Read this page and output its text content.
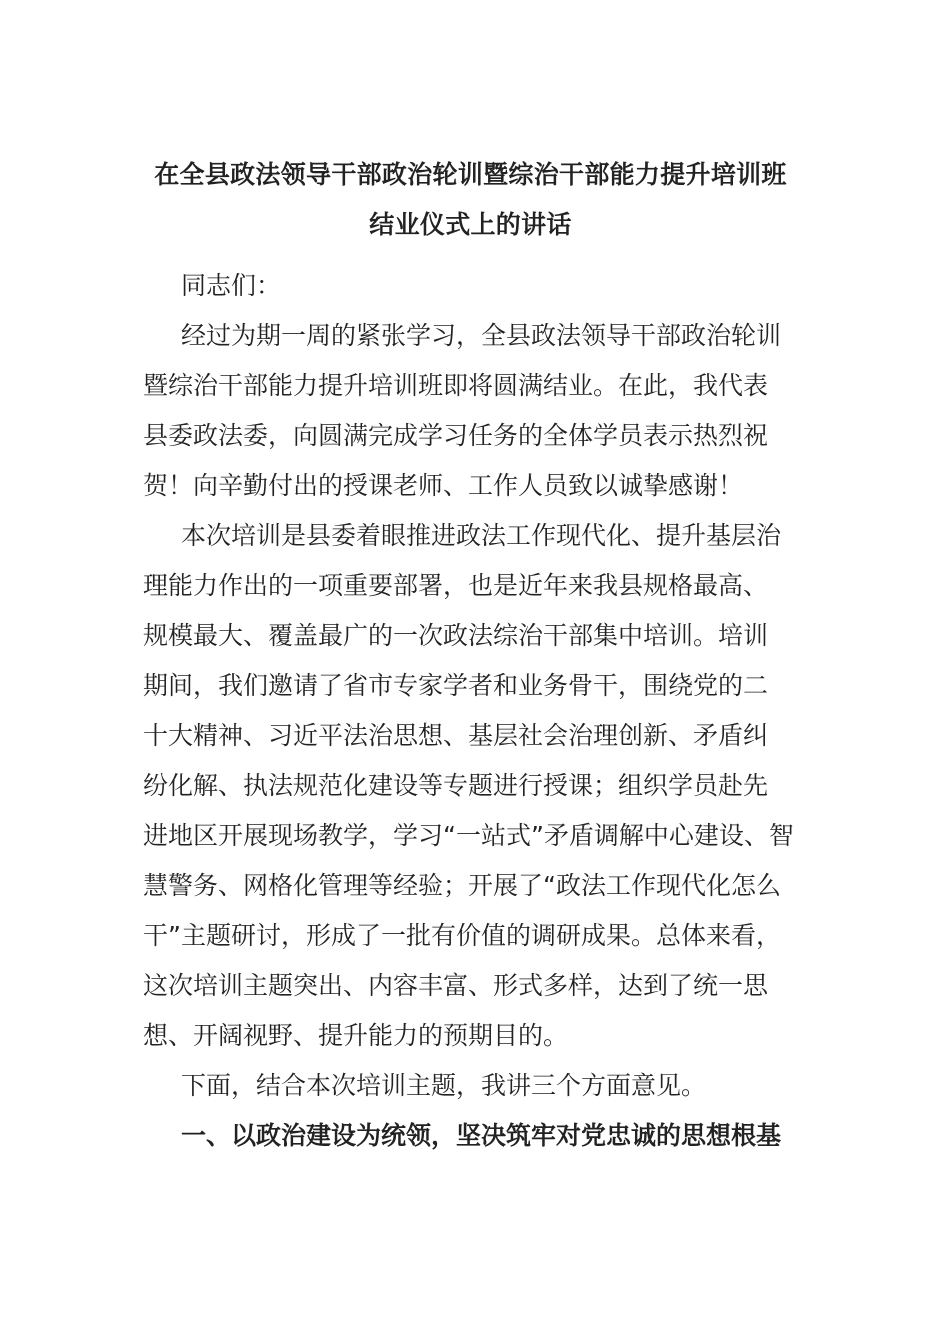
在全县政法领导干部政治轮训暨综治干部能力提升培训班
结业仪式上的讲话

同志们：

经过为期一周的紧张学习，全县政法领导干部政治轮训
暨综治干部能力提升培训班即将圆满结业。在此，我代表
县委政法委，向圆满完成学习任务的全体学员表示热烈祝
贺！向辛勤付出的授课老师、工作人员致以诚挚感谢！

本次培训是县委着眼推进政法工作现代化、提升基层治
理能力作出的一项重要部署，也是近年来我县规格最高、
规模最大、覆盖最广的一次政法综治干部集中培训。培训
期间，我们邀请了省市专家学者和业务骨干，围绕党的二
十大精神、习近平法治思想、基层社会治理创新、矛盾纠
纷化解、执法规范化建设等专题进行授课；组织学员赴先
进地区开展现场教学，学习“一站式”矛盾调解中心建设、智
慧警务、网格化管理等经验；开展了“政法工作现代化怎么
干”主题研讨，形成了一批有价值的调研成果。总体来看，
这次培训主题突出、内容丰富、形式多样，达到了统一思
想、开阔视野、提升能力的预期目的。

下面，结合本次培训主题，我讲三个方面意见。

一、以政治建设为统领，坚决筑牢对党忠诚的思想根基
